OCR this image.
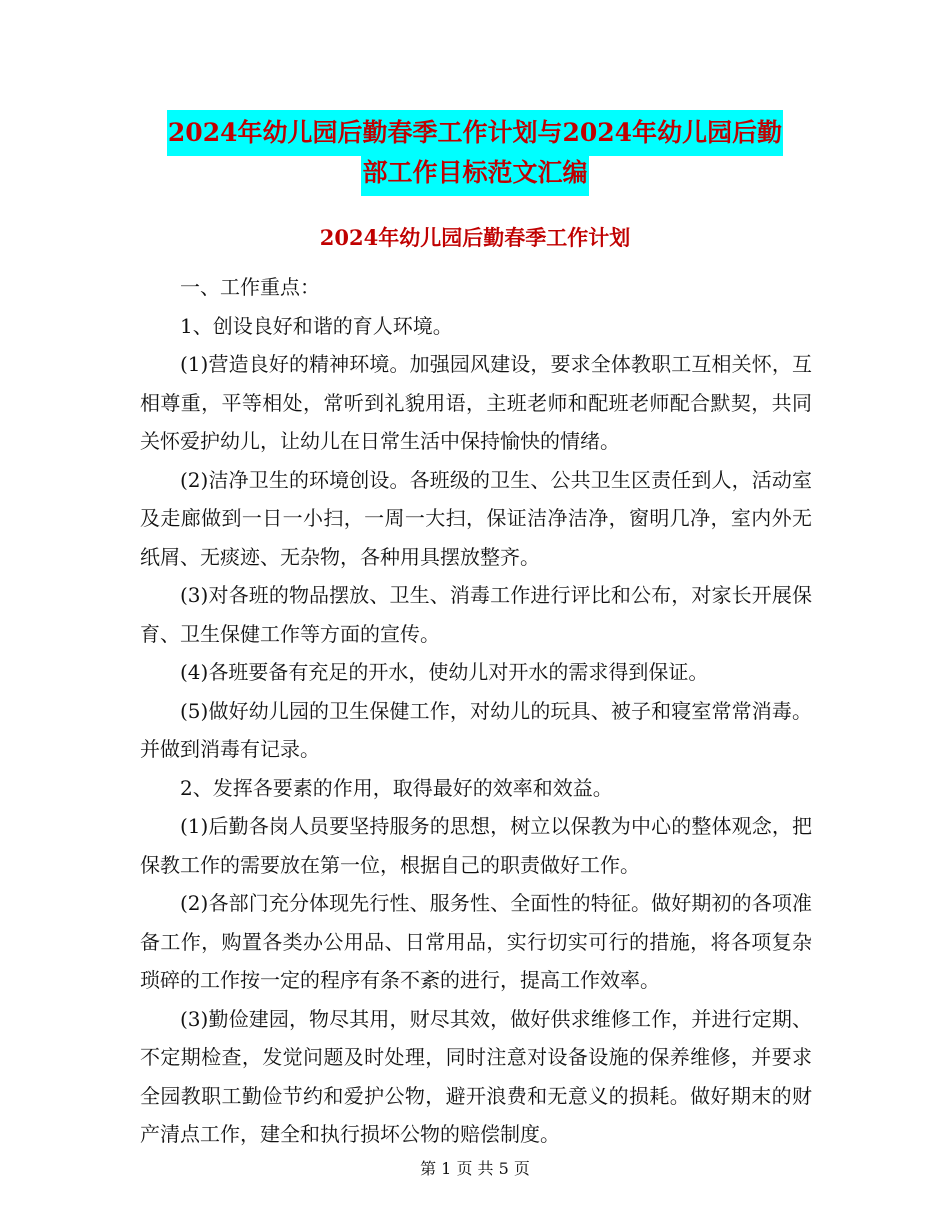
2024年幼儿园后勤春季工作计划与2024年幼儿园后勤
部工作目标范文汇编
2024年幼儿园后勤春季工作计划

一、工作重点：

1、创设良好和谐的育人环境。

(1)营造良好的精神环境。加强园风建设，要求全体教职工互相关怀，互相尊重，平等相处，常听到礼貌用语，主班老师和配班老师配合默契，共同关怀爱护幼儿，让幼儿在日常生活中保持愉快的情绪。

(2)洁净卫生的环境创设。各班级的卫生、公共卫生区责任到人，活动室及走廊做到一日一小扫，一周一大扫，保证洁净洁净，窗明几净，室内外无纸屑、无痰迹、无杂物，各种用具摆放整齐。

(3)对各班的物品摆放、卫生、消毒工作进行评比和公布，对家长开展保育、卫生保健工作等方面的宣传。

(4)各班要备有充足的开水，使幼儿对开水的需求得到保证。

(5)做好幼儿园的卫生保健工作，对幼儿的玩具、被子和寝室常常消毒。并做到消毒有记录。

2、发挥各要素的作用，取得最好的效率和效益。

(1)后勤各岗人员要坚持服务的思想，树立以保教为中心的整体观念，把保教工作的需要放在第一位，根据自己的职责做好工作。

(2)各部门充分体现先行性、服务性、全面性的特征。做好期初的各项准备工作，购置各类办公用品、日常用品，实行切实可行的措施，将各项复杂琐碎的工作按一定的程序有条不紊的进行，提高工作效率。

(3)勤俭建园，物尽其用，财尽其效，做好供求维修工作，并进行定期、不定期检查，发觉问题及时处理，同时注意对设备设施的保养维修，并要求全园教职工勤俭节约和爱护公物，避开浪费和无意义的损耗。做好期末的财产清点工作，建全和执行损坏公物的赔偿制度。

第 1 页 共 5 页
